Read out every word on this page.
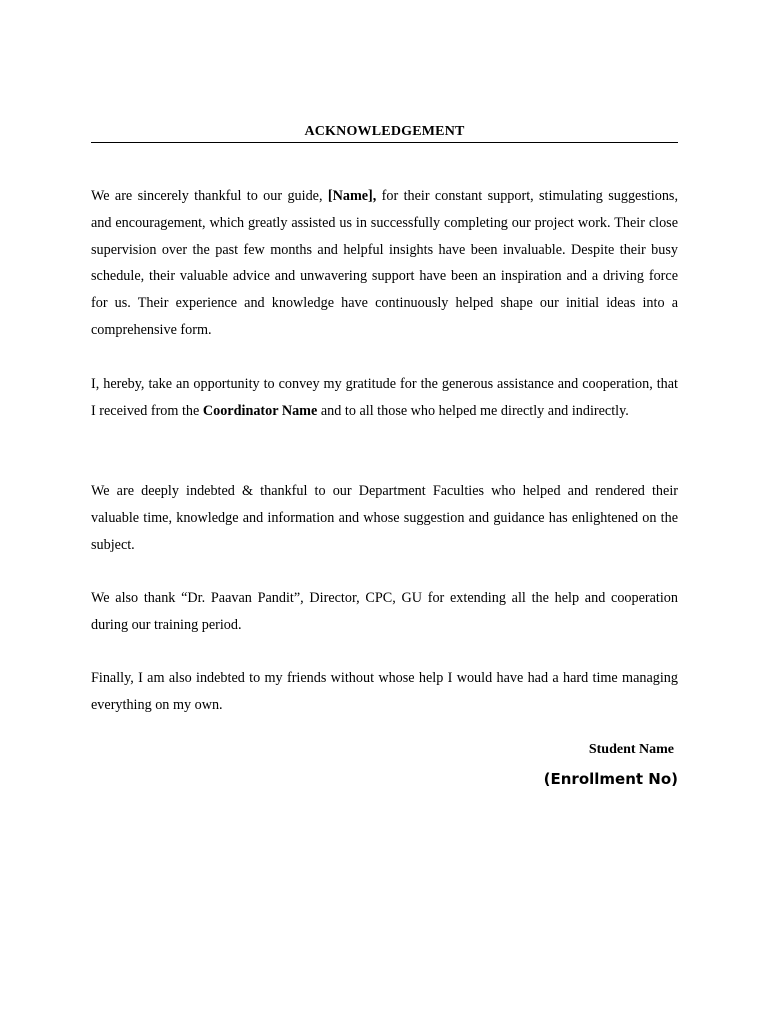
ACKNOWLEDGEMENT

We are sincerely thankful to our guide, [Name], for their constant support, stimulating suggestions, and encouragement, which greatly assisted us in successfully completing our project work. Their close supervision over the past few months and helpful insights have been invaluable. Despite their busy schedule, their valuable advice and unwavering support have been an inspiration and a driving force for us. Their experience and knowledge have continuously helped shape our initial ideas into a comprehensive form.

I, hereby, take an opportunity to convey my gratitude for the generous assistance and cooperation, that I received from the Coordinator Name and to all those who helped me directly and indirectly.

We are deeply indebted & thankful to our Department Faculties who helped and rendered their valuable time, knowledge and information and whose suggestion and guidance has enlightened on the subject.

We also thank “Dr. Paavan Pandit”, Director, CPC, GU for extending all the help and cooperation during our training period.

Finally, I am also indebted to my friends without whose help I would have had a hard time managing everything on my own.

Student Name
(Enrollment No)
